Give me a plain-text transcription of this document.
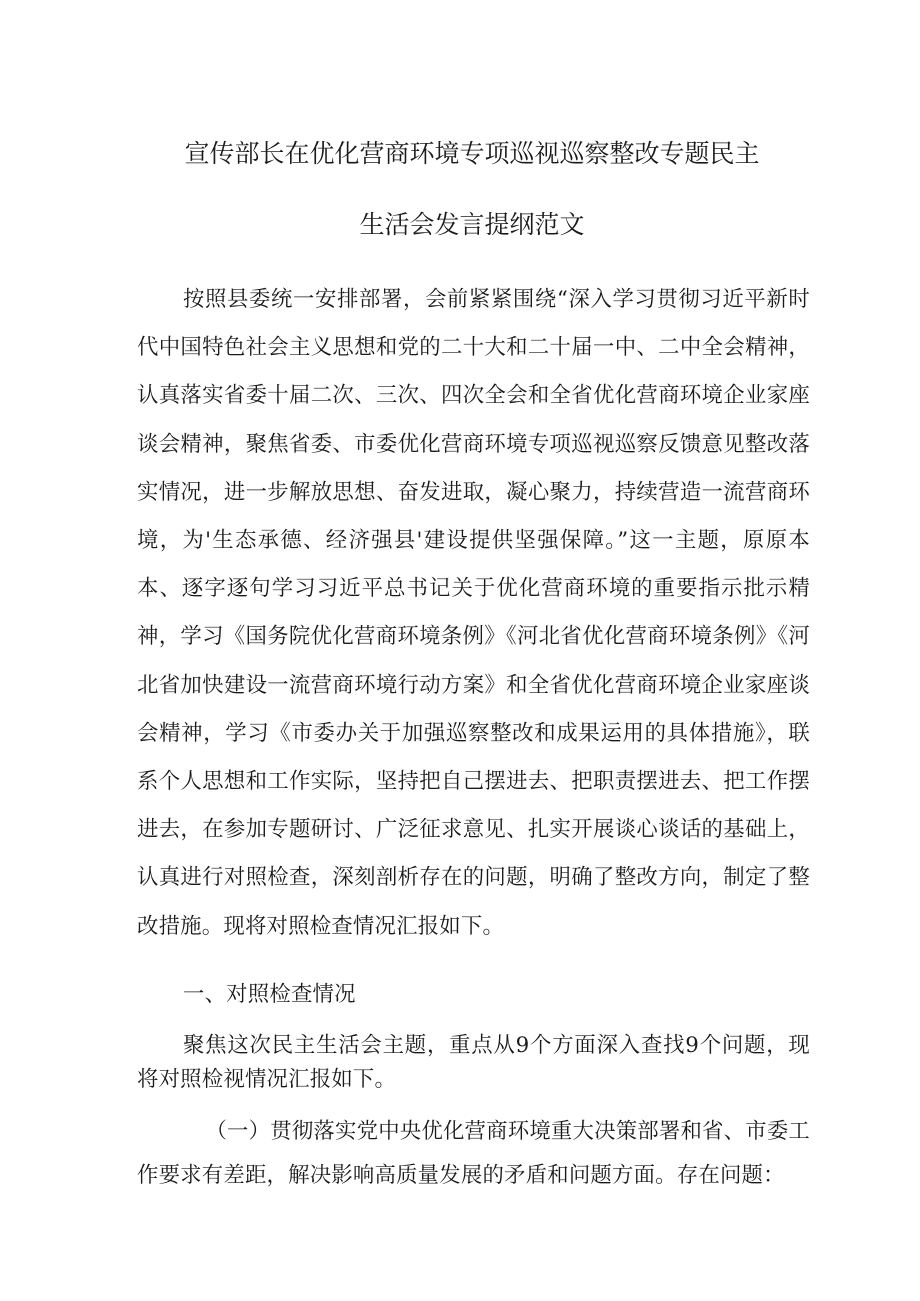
宣传部长在优化营商环境专项巡视巡察整改专题民主
生活会发言提纲范文

按照县委统一安排部署，会前紧紧围绕“深入学习贯彻习近平新时代中国特色社会主义思想和党的二十大和二十届一中、二中全会精神，认真落实省委十届二次、三次、四次全会和全省优化营商环境企业家座谈会精神，聚焦省委、市委优化营商环境专项巡视巡察反馈意见整改落实情况，进一步解放思想、奋发进取，凝心聚力，持续营造一流营商环境，为'生态承德、经济强县'建设提供坚强保障。”这一主题，原原本本、逐字逐句学习习近平总书记关于优化营商环境的重要指示批示精神，学习《国务院优化营商环境条例》《河北省优化营商环境条例》《河北省加快建设一流营商环境行动方案》和全省优化营商环境企业家座谈会精神，学习《市委办关于加强巡察整改和成果运用的具体措施》，联系个人思想和工作实际，坚持把自己摆进去、把职责摆进去、把工作摆进去，在参加专题研讨、广泛征求意见、扎实开展谈心谈话的基础上，认真进行对照检查，深刻剖析存在的问题，明确了整改方向，制定了整改措施。现将对照检查情况汇报如下。

一、对照检查情况

聚焦这次民主生活会主题，重点从9个方面深入查找9个问题，现将对照检视情况汇报如下。

（一）贯彻落实党中央优化营商环境重大决策部署和省、市委工作要求有差距，解决影响高质量发展的矛盾和问题方面。存在问题：
